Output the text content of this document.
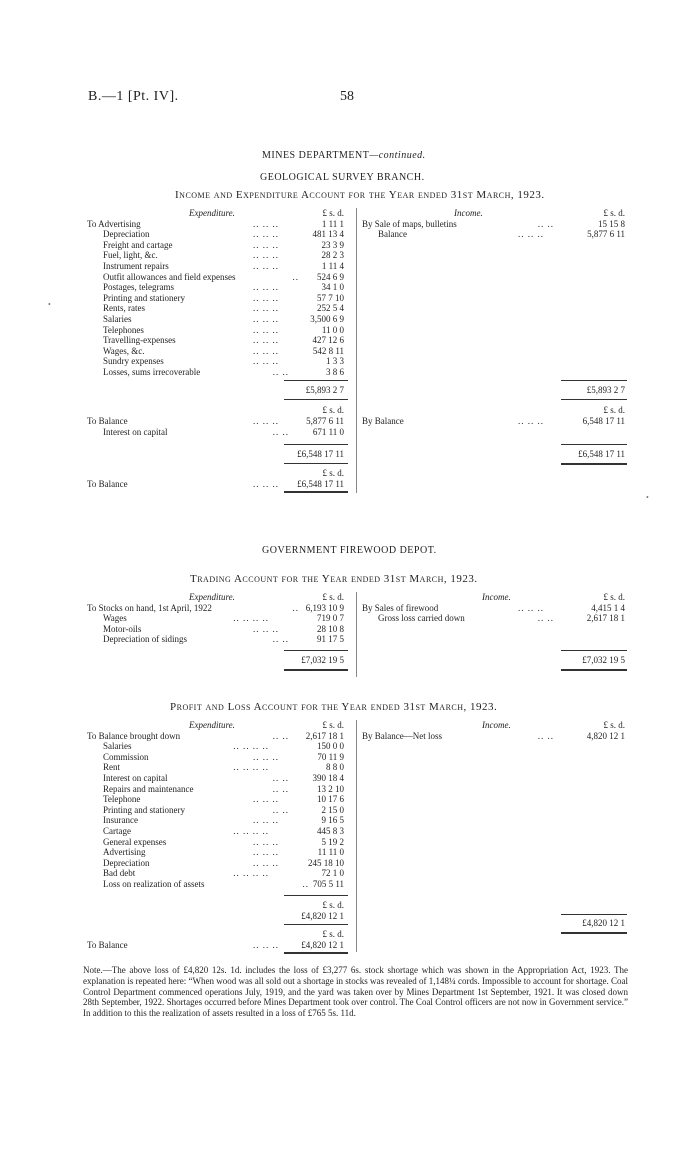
B.—1 [Pt. IV].	58
MINES DEPARTMENT—continued.
GEOLOGICAL SURVEY BRANCH.
Income and Expenditure Account for the Year ended 31st March, 1923.
Expenditure.	£ s. d.
To Advertising	.. .. ..	1 11 1
Depreciation	.. .. ..	481 13 4
Freight and cartage	.. .. ..	23 3 9
Fuel, light, &c.	.. .. ..	28 2 3
Instrument repairs	.. .. ..	1 11 4
Outfit allowances and field expenses	..	524 6 9
Postages, telegrams	.. .. ..	34 1 0
Printing and stationery	.. .. ..	57 7 10
Rents, rates	.. .. ..	252 5 4
Salaries	.. .. ..	3,500 6 9
Telephones	.. .. ..	11 0 0
Travelling-expenses	.. .. ..	427 12 6
Wages, &c.	.. .. ..	542 8 11
Sundry expenses	.. .. ..	1 3 3
Losses, sums irrecoverable	.. ..	3 8 6
£5,893 2 7
£ s. d.
To Balance	.. .. ..	5,877 6 11
Interest on capital	.. ..	671 11 0
£6,548 17 11
£ s. d.
To Balance	.. .. ..	£6,548 17 11
Income.	£ s. d.
By Sale of maps, bulletins	.. ..	15 15 8
Balance	.. .. ..	5,877 6 11
£5,893 2 7
£ s. d.
By Balance	.. .. ..	6,548 17 11
£6,548 17 11
GOVERNMENT FIREWOOD DEPOT.
Trading Account for the Year ended 31st March, 1923.
Expenditure.	£ s. d.
To Stocks on hand, 1st April, 1922	.. 6,193 10 9
Wages	.. .. .. ..	719 0 7
Motor-oils	.. .. ..	28 10 8
Depreciation of sidings	.. ..	91 17 5
£7,032 19 5
Income.	£ s. d.
By Sales of firewood	.. .. ..	4,415 1 4
Gross loss carried down	.. ..	2,617 18 1
£7,032 19 5
Profit and Loss Account for the Year ended 31st March, 1923.
Expenditure.	£ s. d.
To Balance brought down	.. ..	2,617 18 1
Salaries	.. .. .. ..	150 0 0
Commission	.. .. ..	70 11 9
Rent	.. .. .. ..	8 8 0
Interest on capital	.. ..	390 18 4
Repairs and maintenance	.. ..	13 2 10
Telephone	.. .. ..	10 17 6
Printing and stationery	.. ..	2 15 0
Insurance	.. .. ..	9 16 5
Cartage	.. .. .. ..	445 8 3
General expenses	.. .. ..	5 19 2
Advertising	.. .. ..	11 11 0
Depreciation	.. .. ..	245 18 10
Bad debt	.. .. .. ..	72 1 0
Loss on realization of assets	.. 705 5 11
£ s. d.
£4,820 12 1
£ s. d.
To Balance	.. .. ..	£4,820 12 1
Income.	£ s. d.
By Balance—Net loss	.. ..	4,820 12 1
£4,820 12 1
Note.—The above loss of £4,820 12s. 1d. includes the loss of £3,277 6s. stock shortage which was shown in the Appropriation Act, 1923. The explanation is repeated here: “When wood was all sold out a shortage in stocks was revealed of 1,148¼ cords. Impossible to account for shortage. Coal Control Department commenced operations July, 1919, and the yard was taken over by Mines Department 1st September, 1921. It was closed down 28th September, 1922. Shortages occurred before Mines Department took over control. The Coal Control officers are not now in Government service.” In addition to this the realization of assets resulted in a loss of £765 5s. 11d.
•
•
